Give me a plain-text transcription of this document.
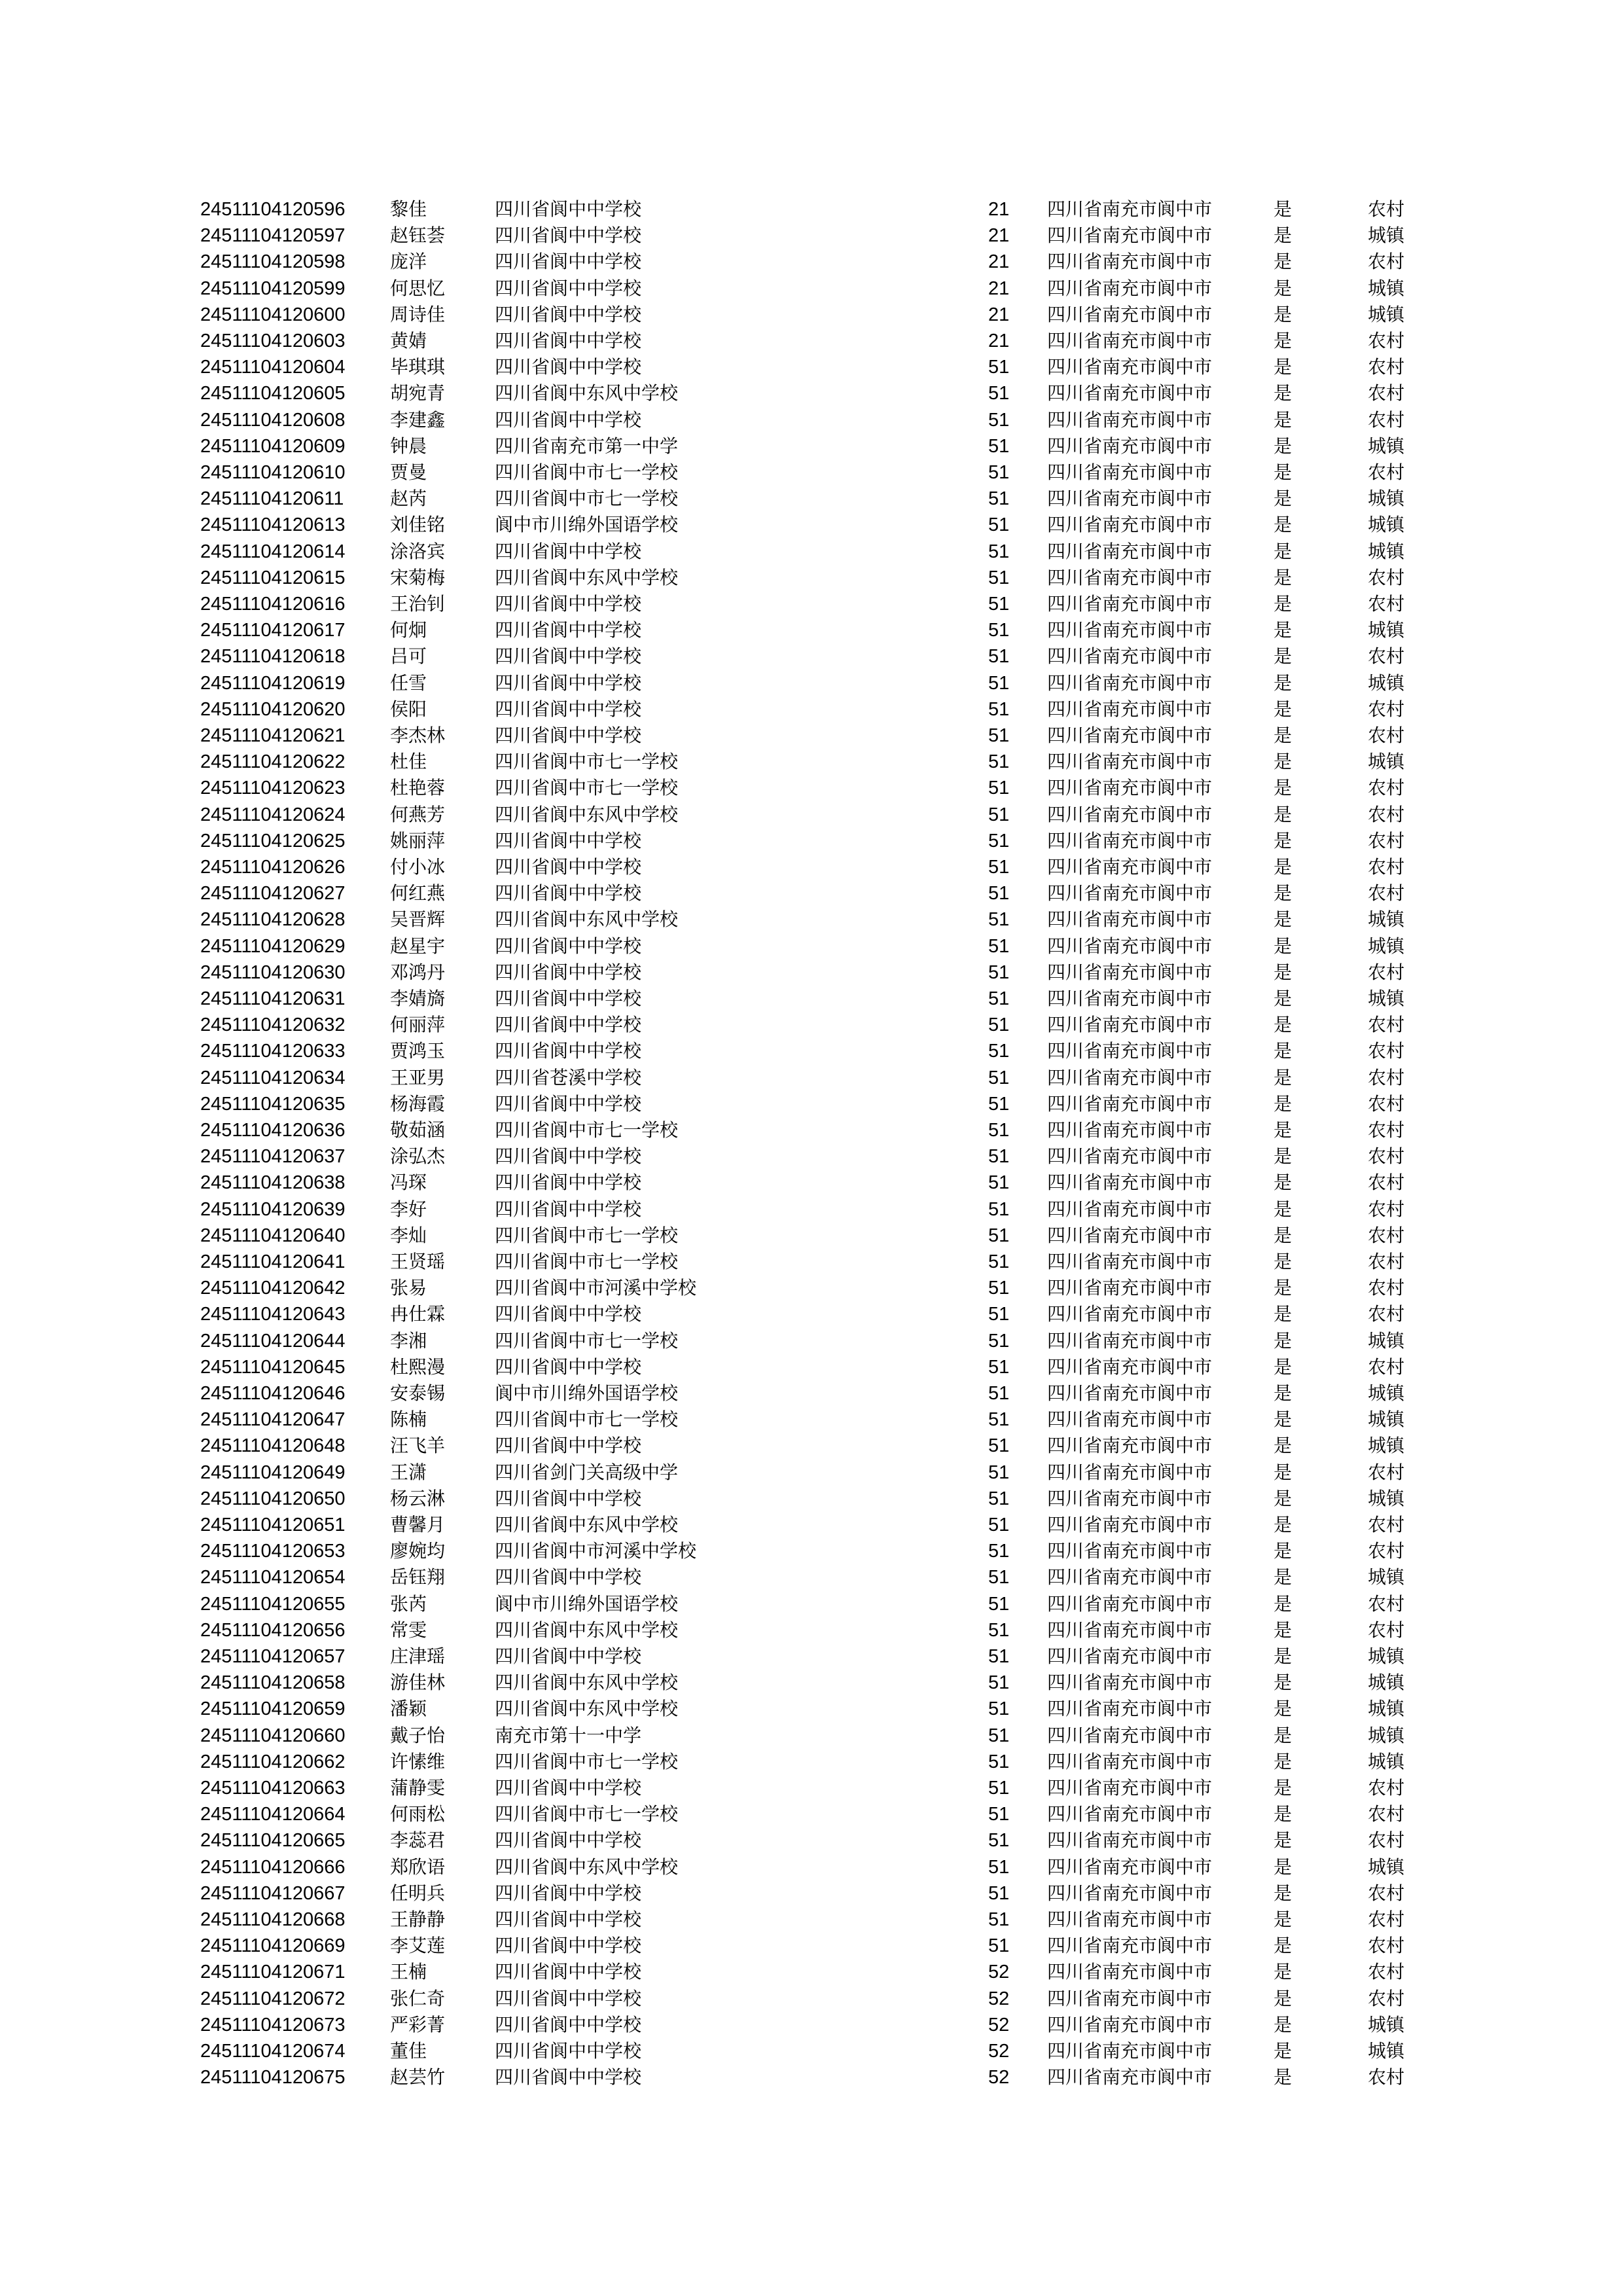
24511104120596 黎佳	四川省阆中中学校	21 四川省南充市阆中市	是	农村
24511104120597 赵钰荟	四川省阆中中学校	21 四川省南充市阆中市	是	城镇
24511104120598 庞洋	四川省阆中中学校	21 四川省南充市阆中市	是	农村
24511104120599 何思忆	四川省阆中中学校	21 四川省南充市阆中市	是	城镇
24511104120600 周诗佳	四川省阆中中学校	21 四川省南充市阆中市	是	城镇
24511104120603 黄婧	四川省阆中中学校	21 四川省南充市阆中市	是	农村
24511104120604 毕琪琪	四川省阆中中学校	51 四川省南充市阆中市	是	农村
24511104120605 胡宛青	四川省阆中东风中学校	51 四川省南充市阆中市	是	农村
24511104120608 李建鑫	四川省阆中中学校	51 四川省南充市阆中市	是	农村
24511104120609 钟晨	四川省南充市第一中学	51 四川省南充市阆中市	是	城镇
24511104120610 贾曼	四川省阆中市七一学校	51 四川省南充市阆中市	是	农村
24511104120611	赵芮	四川省阆中市七一学校	51 四川省南充市阆中市	是	城镇
24511104120613 刘佳铭	阆中市川绵外国语学校	51 四川省南充市阆中市	是	城镇
24511104120614 涂洛宾	四川省阆中中学校	51 四川省南充市阆中市	是	城镇
24511104120615 宋菊梅	四川省阆中东风中学校	51 四川省南充市阆中市	是	农村
24511104120616 王治钊	四川省阆中中学校	51 四川省南充市阆中市	是	农村
24511104120617 何炯	四川省阆中中学校	51 四川省南充市阆中市	是	城镇
24511104120618 吕可	四川省阆中中学校	51 四川省南充市阆中市	是	农村
24511104120619 任雪	四川省阆中中学校	51 四川省南充市阆中市	是	城镇
24511104120620 侯阳	四川省阆中中学校	51 四川省南充市阆中市	是	农村
24511104120621 李杰林	四川省阆中中学校	51 四川省南充市阆中市	是	农村
24511104120622 杜佳	四川省阆中市七一学校	51 四川省南充市阆中市	是	城镇
24511104120623 杜艳蓉	四川省阆中市七一学校	51 四川省南充市阆中市	是	农村
24511104120624 何燕芳	四川省阆中东风中学校	51 四川省南充市阆中市	是	农村
24511104120625 姚丽萍	四川省阆中中学校	51 四川省南充市阆中市	是	农村
24511104120626 付小冰	四川省阆中中学校	51 四川省南充市阆中市	是	农村
24511104120627 何红燕	四川省阆中中学校	51 四川省南充市阆中市	是	农村
24511104120628 吴晋辉	四川省阆中东风中学校	51 四川省南充市阆中市	是	城镇
24511104120629 赵星宇	四川省阆中中学校	51 四川省南充市阆中市	是	城镇
24511104120630 邓鸿丹	四川省阆中中学校	51 四川省南充市阆中市	是	农村
24511104120631 李婧旖	四川省阆中中学校	51 四川省南充市阆中市	是	城镇
24511104120632 何丽萍	四川省阆中中学校	51 四川省南充市阆中市	是	农村
24511104120633 贾鸿玉	四川省阆中中学校	51 四川省南充市阆中市	是	农村
24511104120634 王亚男	四川省苍溪中学校	51 四川省南充市阆中市	是	农村
24511104120635 杨海霞	四川省阆中中学校	51 四川省南充市阆中市	是	农村
24511104120636 敬茹涵	四川省阆中市七一学校	51 四川省南充市阆中市	是	农村
24511104120637 涂弘杰	四川省阆中中学校	51 四川省南充市阆中市	是	农村
24511104120638 冯琛	四川省阆中中学校	51 四川省南充市阆中市	是	农村
24511104120639 李好	四川省阆中中学校	51 四川省南充市阆中市	是	农村
24511104120640 李灿	四川省阆中市七一学校	51 四川省南充市阆中市	是	农村
24511104120641 王贤瑶	四川省阆中市七一学校	51 四川省南充市阆中市	是	农村
24511104120642 张易	四川省阆中市河溪中学校	51 四川省南充市阆中市	是	农村
24511104120643 冉仕霖	四川省阆中中学校	51 四川省南充市阆中市	是	农村
24511104120644 李湘	四川省阆中市七一学校	51 四川省南充市阆中市	是	城镇
24511104120645 杜熙漫	四川省阆中中学校	51 四川省南充市阆中市	是	农村
24511104120646 安泰锡	阆中市川绵外国语学校	51 四川省南充市阆中市	是	城镇
24511104120647 陈楠	四川省阆中市七一学校	51 四川省南充市阆中市	是	城镇
24511104120648 汪飞羊	四川省阆中中学校	51 四川省南充市阆中市	是	城镇
24511104120649 王潇	四川省剑门关高级中学	51 四川省南充市阆中市	是	农村
24511104120650 杨云淋	四川省阆中中学校	51 四川省南充市阆中市	是	城镇
24511104120651 曹馨月	四川省阆中东风中学校	51 四川省南充市阆中市	是	农村
24511104120653 廖婉均	四川省阆中市河溪中学校	51 四川省南充市阆中市	是	农村
24511104120654 岳钰翔	四川省阆中中学校	51 四川省南充市阆中市	是	城镇
24511104120655 张芮	阆中市川绵外国语学校	51 四川省南充市阆中市	是	农村
24511104120656 常雯	四川省阆中东风中学校	51 四川省南充市阆中市	是	农村
24511104120657 庄津瑶	四川省阆中中学校	51 四川省南充市阆中市	是	城镇
24511104120658 游佳林	四川省阆中东风中学校	51 四川省南充市阆中市	是	城镇
24511104120659 潘颖	四川省阆中东风中学校	51 四川省南充市阆中市	是	城镇
24511104120660 戴子怡	南充市第十一中学	51 四川省南充市阆中市	是	城镇
24511104120662 许愫维	四川省阆中市七一学校	51 四川省南充市阆中市	是	城镇
24511104120663 蒲静雯	四川省阆中中学校	51 四川省南充市阆中市	是	农村
24511104120664 何雨松	四川省阆中市七一学校	51 四川省南充市阆中市	是	农村
24511104120665 李蕊君	四川省阆中中学校	51 四川省南充市阆中市	是	农村
24511104120666 郑欣语	四川省阆中东风中学校	51 四川省南充市阆中市	是	城镇
24511104120667 任明兵	四川省阆中中学校	51 四川省南充市阆中市	是	农村
24511104120668 王静静	四川省阆中中学校	51 四川省南充市阆中市	是	农村
24511104120669 李艾莲	四川省阆中中学校	51 四川省南充市阆中市	是	农村
24511104120671 王楠	四川省阆中中学校	52 四川省南充市阆中市	是	农村
24511104120672 张仁奇	四川省阆中中学校	52 四川省南充市阆中市	是	农村
24511104120673 严彩菁	四川省阆中中学校	52 四川省南充市阆中市	是	城镇
24511104120674 董佳	四川省阆中中学校	52 四川省南充市阆中市	是	城镇
24511104120675 赵芸竹	四川省阆中中学校	52 四川省南充市阆中市	是	农村
